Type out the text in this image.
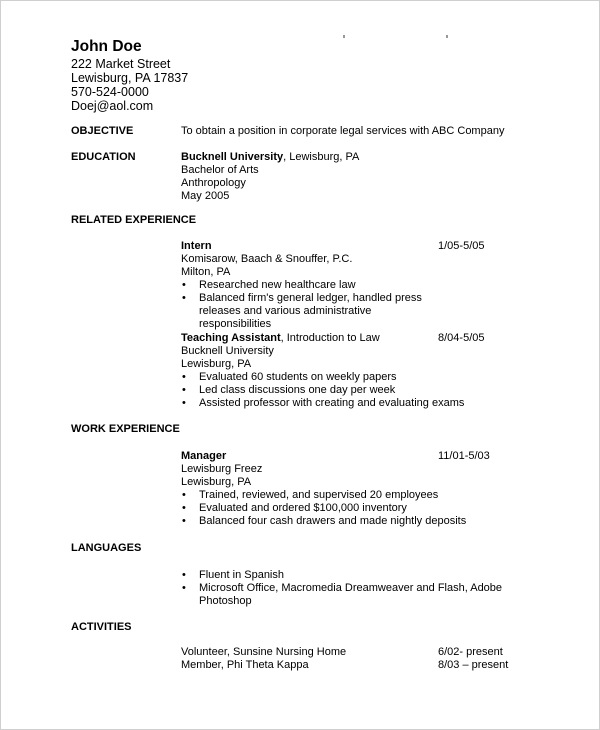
John Doe
222 Market Street
Lewisburg, PA 17837
570-524-0000
Doej@aol.com
OBJECTIVE	To obtain a position in corporate legal services with ABC Company
EDUCATION	Bucknell University, Lewisburg, PA
Bachelor of Arts
Anthropology
May 2005
RELATED EXPERIENCE
Intern
Komisarow, Baach & Snouffer, P.C.
Milton, PA
• Researched new healthcare law
• Balanced firm's general ledger, handled press releases and various administrative responsibilities
1/05-5/05
Teaching Assistant, Introduction to Law
Bucknell University
Lewisburg, PA
• Evaluated 60 students on weekly papers
• Led class discussions one day per week
• Assisted professor with creating and evaluating exams
8/04-5/05
WORK EXPERIENCE
Manager
Lewisburg Freez
Lewisburg, PA
• Trained, reviewed, and supervised 20 employees
• Evaluated and ordered $100,000 inventory
• Balanced four cash drawers and made nightly deposits
11/01-5/03
LANGUAGES
• Fluent in Spanish
• Microsoft Office, Macromedia Dreamweaver and Flash, Adobe Photoshop
ACTIVITIES
Volunteer, Sunsine Nursing Home
Member, Phi Theta Kappa
6/02- present
8/03 – present
